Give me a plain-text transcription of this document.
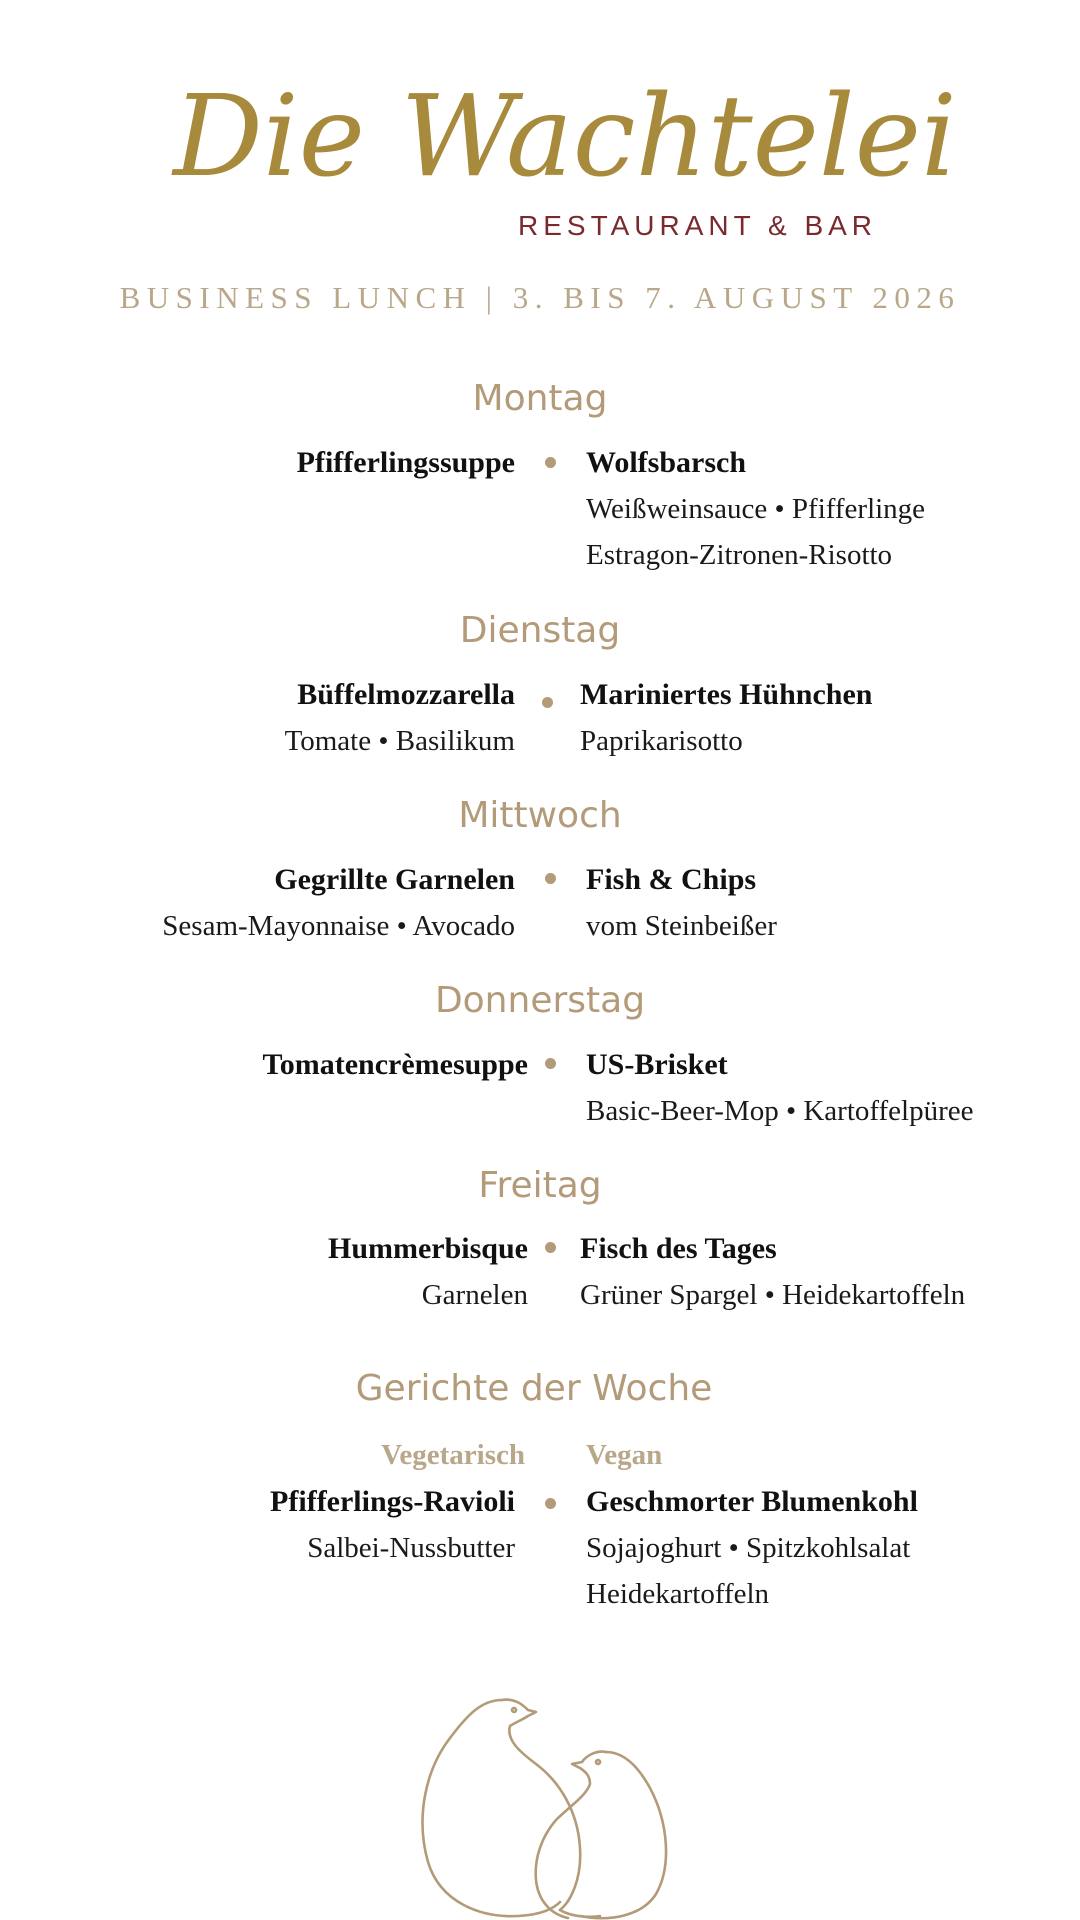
Die Wachtelei
RESTAURANT & BAR
BUSINESS LUNCH | 3. BIS 7. AUGUST 2026
Montag
Pfifferlingssuppe Wolfsbarsch
Weißweinsauce • Pfifferlinge
Estragon-Zitronen-Risotto
Dienstag
Büffelmozzarella
Tomate • Basilikum
Mariniertes Hühnchen
Paprikarisotto
Mittwoch
Gegrillte Garnelen
Sesam-Mayonnaise • Avocado
Fish & Chips
vom Steinbeißer
Donnerstag
Tomatencrèmesuppe US-Brisket
Basic-Beer-Mop • Kartoffelpüree
Freitag
Hummerbisque
Garnelen
Fisch des Tages
Grüner Spargel • Heidekartoffeln
Gerichte der Woche
Vegetarisch Vegan
Pfifferlings-Ravioli
Salbei-Nussbutter
Geschmorter Blumenkohl
Sojajoghurt • Spitzkohlsalat
Heidekartoffeln
